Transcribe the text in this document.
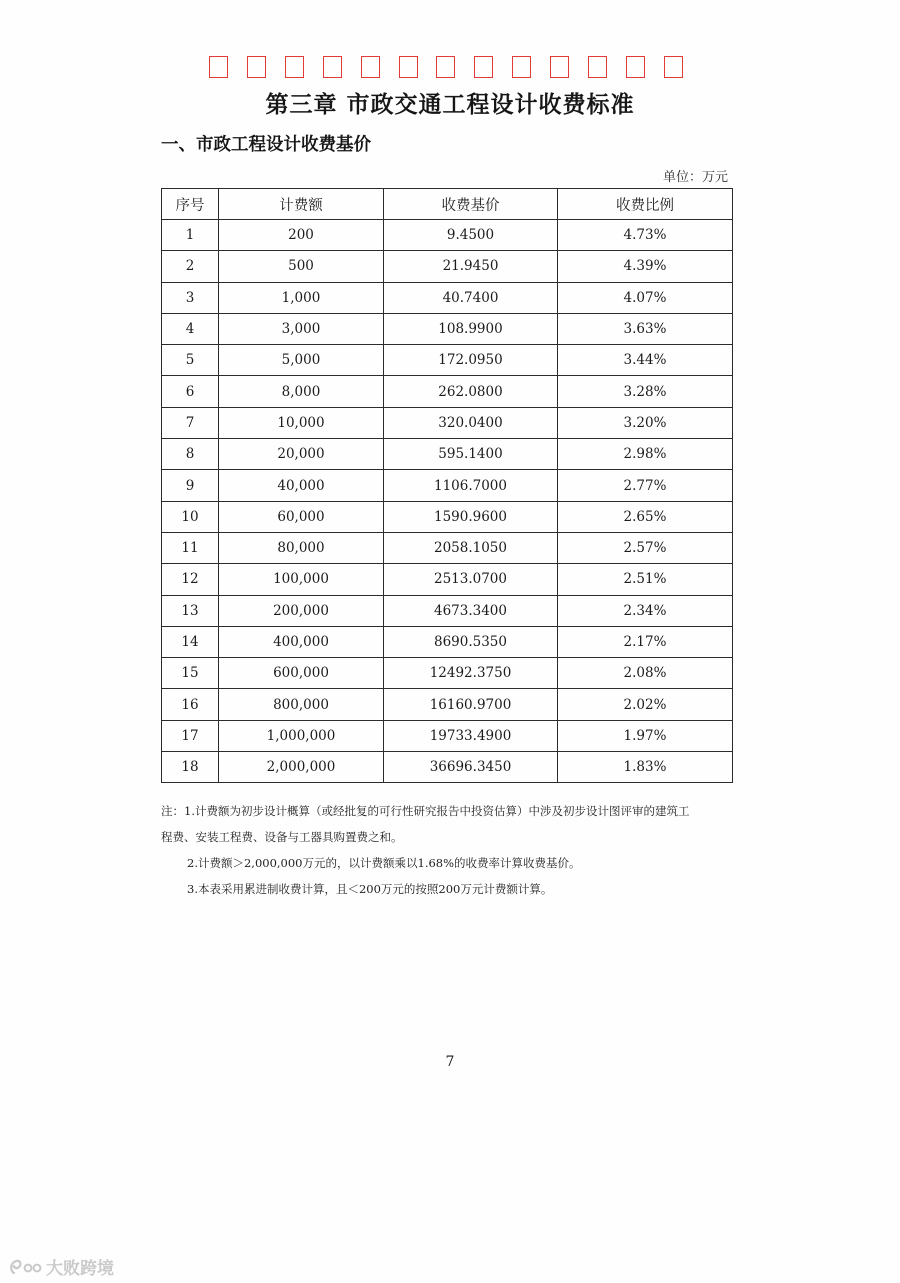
第三章 市政交通工程设计收费标准
一、市政工程设计收费基价
单位：万元
序号	计费额	收费基价	收费比例
1	200	9.4500	4.73%
2	500	21.9450	4.39%
3	1,000	40.7400	4.07%
4	3,000	108.9900	3.63%
5	5,000	172.0950	3.44%
6	8,000	262.0800	3.28%
7	10,000	320.0400	3.20%
8	20,000	595.1400	2.98%
9	40,000	1106.7000	2.77%
10	60,000	1590.9600	2.65%
11	80,000	2058.1050	2.57%
12	100,000	2513.0700	2.51%
13	200,000	4673.3400	2.34%
14	400,000	8690.5350	2.17%
15	600,000	12492.3750	2.08%
16	800,000	16160.9700	2.02%
17	1,000,000	19733.4900	1.97%
18	2,000,000	36696.3450	1.83%

注：1.计费额为初步设计概算（或经批复的可行性研究报告中投资估算）中涉及初步设计图评审的建筑工

程费、安装工程费、设备与工器具购置费之和。

2.计费额＞2,000,000万元的，以计费额乘以1.68%的收费率计算收费基价。

3.本表采用累进制收费计算，且＜200万元的按照200万元计费额计算。

7
大败跨境
